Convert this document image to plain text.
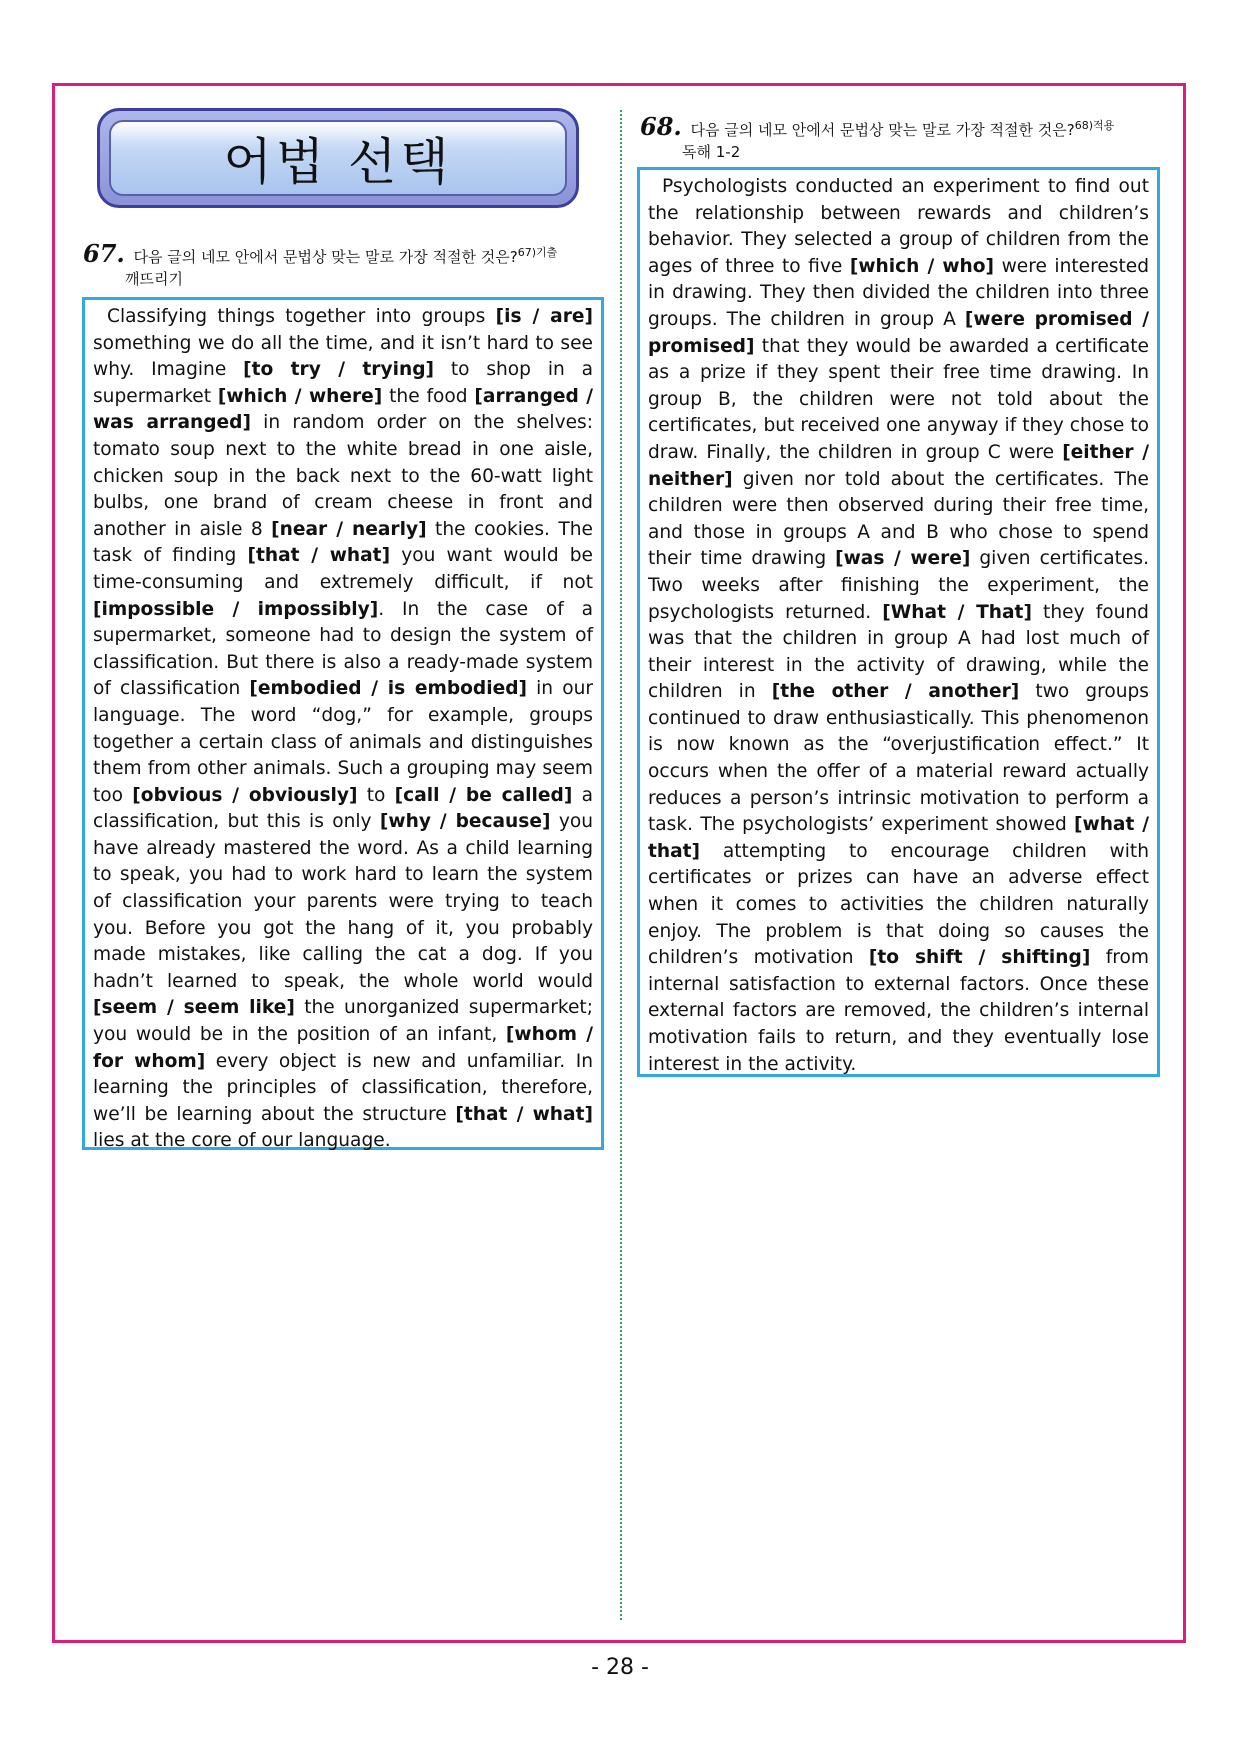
어법 선택
67. 다음 글의 네모 안에서 문법상 맞는 말로 가장 적절한 것은?$^{67)기출}$
깨뜨리기

Classifying things together into groups [is / are] something we do all the time, and it isn’t hard to see why. Imagine [to try / trying] to shop in a supermarket [which / where] the food [arranged / was arranged] in random order on the shelves: tomato soup next to the white bread in one aisle, chicken soup in the back next to the 60-watt light bulbs, one brand of cream cheese in front and another in aisle 8 [near / nearly] the cookies. The task of finding [that / what] you want would be time-consuming and extremely difficult, if not [impossible / impossibly]. In the case of a supermarket, someone had to design the system of classification. But there is also a ready-made system of classification [embodied / is embodied] in our language. The word “dog,” for example, groups together a certain class of animals and distinguishes them from other animals. Such a grouping may seem too [obvious / obviously] to [call / be called] a classification, but this is only [why / because] you have already mastered the word. As a child learning to speak, you had to work hard to learn the system of classification your parents were trying to teach you. Before you got the hang of it, you probably made mistakes, like calling the cat a dog. If you hadn’t learned to speak, the whole world would [seem / seem like] the unorganized supermarket; you would be in the position of an infant, [whom / for whom] every object is new and unfamiliar. In learning the principles of classification, therefore, we’ll be learning about the structure [that / what] lies at the core of our language.

68. 다음 글의 네모 안에서 문법상 맞는 말로 가장 적절한 것은?$^{68)적용}$
독해 1-2

Psychologists conducted an experiment to find out the relationship between rewards and children’s behavior. They selected a group of children from the ages of three to five [which / who] were interested in drawing. They then divided the children into three groups. The children in group A [were promised / promised] that they would be awarded a certificate as a prize if they spent their free time drawing. In group B, the children were not told about the certificates, but received one anyway if they chose to draw. Finally, the children in group C were [either / neither] given nor told about the certificates. The children were then observed during their free time, and those in groups A and B who chose to spend their time drawing [was / were] given certificates. Two weeks after finishing the experiment, the psychologists returned. [What / That] they found was that the children in group A had lost much of their interest in the activity of drawing, while the children in [the other / another] two groups continued to draw enthusiastically. This phenomenon is now known as the “overjustification effect.” It occurs when the offer of a material reward actually reduces a person’s intrinsic motivation to perform a task. The psychologists’ experiment showed [what / that] attempting to encourage children with certificates or prizes can have an adverse effect when it comes to activities the children naturally enjoy. The problem is that doing so causes the children’s motivation [to shift / shifting] from internal satisfaction to external factors. Once these external factors are removed, the children’s internal motivation fails to return, and they eventually lose interest in the activity.

- 28 -
